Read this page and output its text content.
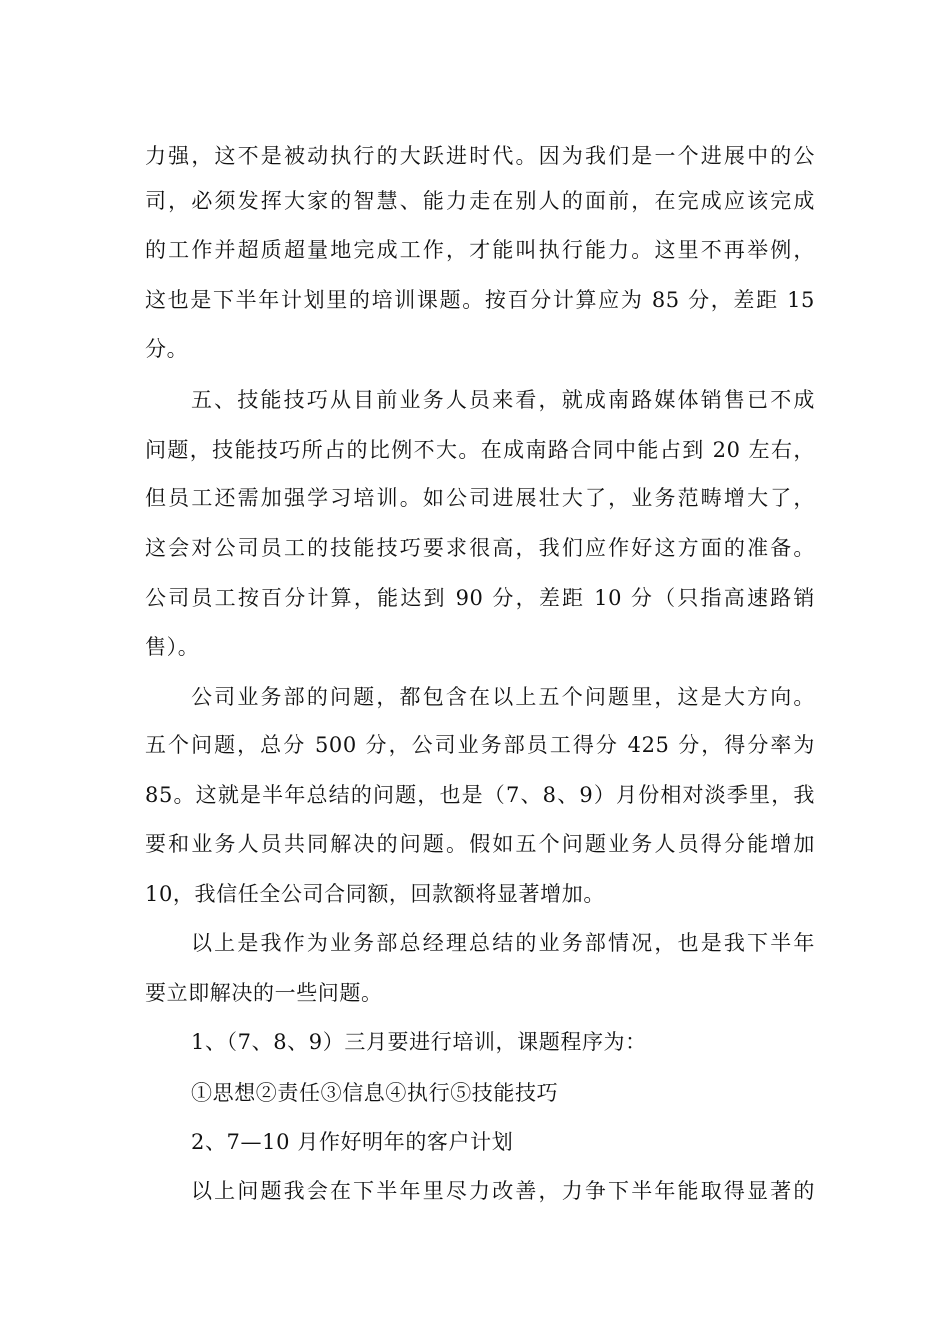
力强，这不是被动执行的大跃进时代。因为我们是一个进展中的公
司，必须发挥大家的智慧、能力走在别人的面前，在完成应该完成
的工作并超质超量地完成工作，才能叫执行能力。这里不再举例，
这也是下半年计划里的培训课题。按百分计算应为 85 分，差距 15
分。
五、技能技巧从目前业务人员来看，就成南路媒体销售已不成
问题，技能技巧所占的比例不大。在成南路合同中能占到 20 左右，
但员工还需加强学习培训。如公司进展壮大了，业务范畴增大了，
这会对公司员工的技能技巧要求很高，我们应作好这方面的准备。
公司员工按百分计算，能达到 90 分，差距 10 分（只指高速路销
售）。
公司业务部的问题，都包含在以上五个问题里，这是大方向。
五个问题，总分 500 分，公司业务部员工得分 425 分，得分率为
85。这就是半年总结的问题，也是（7、8、9）月份相对淡季里，我
要和业务人员共同解决的问题。假如五个问题业务人员得分能增加
10，我信任全公司合同额，回款额将显著增加。
以上是我作为业务部总经理总结的业务部情况，也是我下半年
要立即解决的一些问题。
1、（7、8、9）三月要进行培训，课题程序为：
①思想②责任③信息④执行⑤技能技巧
2、7—10 月作好明年的客户计划
以上问题我会在下半年里尽力改善，力争下半年能取得显著的
